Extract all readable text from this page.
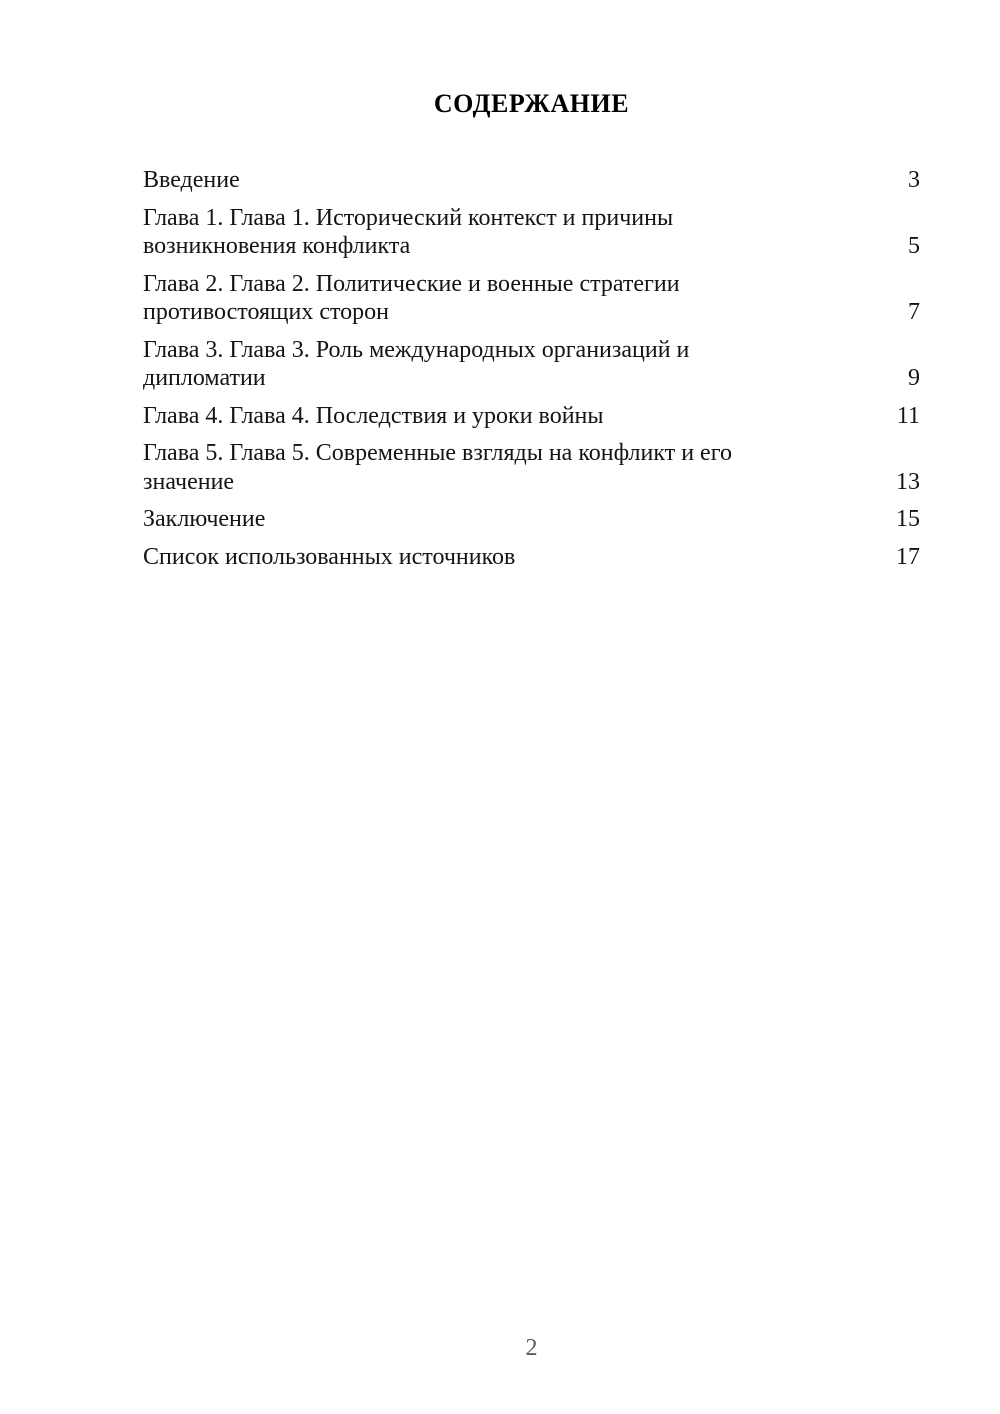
СОДЕРЖАНИЕ
Введение	3
Глава 1. Глава 1. Исторический контекст и причины
возникновения конфликта	5
Глава 2. Глава 2. Политические и военные стратегии
противостоящих сторон	7
Глава 3. Глава 3. Роль международных организаций и
дипломатии	9
Глава 4. Глава 4. Последствия и уроки войны	11
Глава 5. Глава 5. Современные взгляды на конфликт и его
значение	13
Заключение	15
Список использованных источников	17
2
